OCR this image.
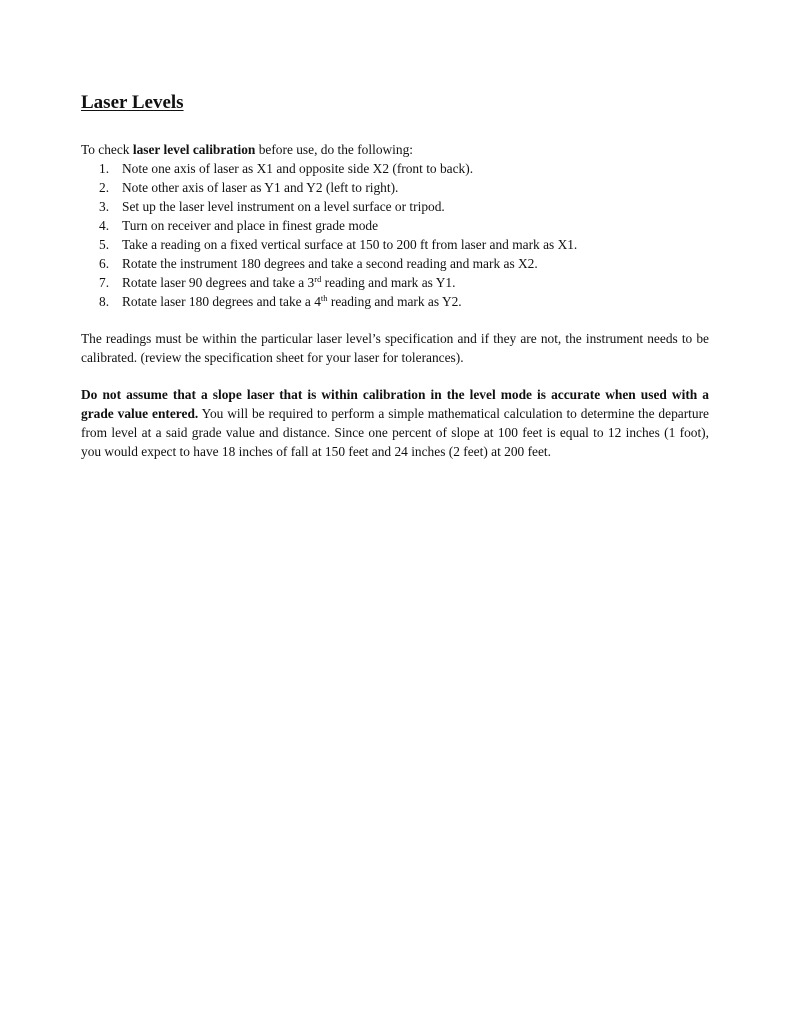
Laser Levels

To check laser level calibration before use, do the following:

1. Note one axis of laser as X1 and opposite side X2 (front to back).
2. Note other axis of laser as Y1 and Y2 (left to right).
3. Set up the laser level instrument on a level surface or tripod.
4. Turn on receiver and place in finest grade mode
5. Take a reading on a fixed vertical surface at 150 to 200 ft from laser and mark as X1.
6. Rotate the instrument 180 degrees and take a second reading and mark as X2.
7. Rotate laser 90 degrees and take a 3rd reading and mark as Y1.
8. Rotate laser 180 degrees and take a 4th reading and mark as Y2.

The readings must be within the particular laser level’s specification and if they are not, the instrument needs to be calibrated. (review the specification sheet for your laser for tolerances).

Do not assume that a slope laser that is within calibration in the level mode is accurate when used with a grade value entered. You will be required to perform a simple mathematical calculation to determine the departure from level at a said grade value and distance. Since one percent of slope at 100 feet is equal to 12 inches (1 foot), you would expect to have 18 inches of fall at 150 feet and 24 inches (2 feet) at 200 feet.
